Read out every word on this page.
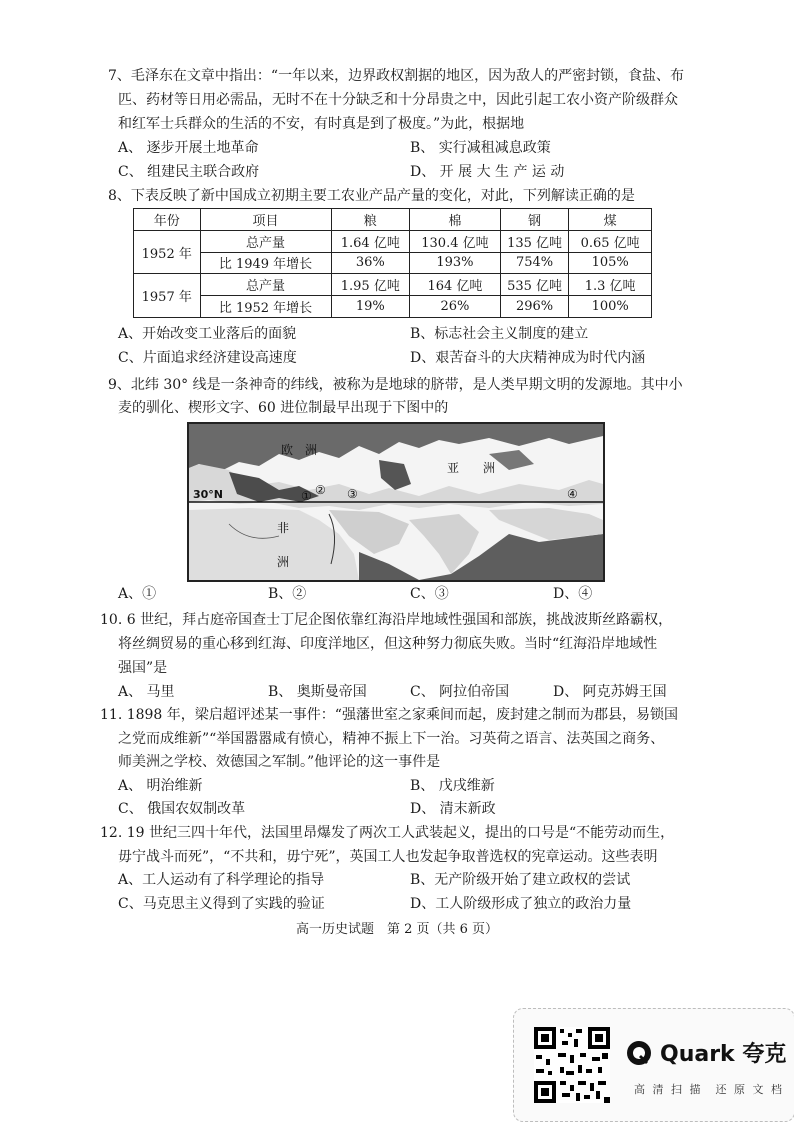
7、毛泽东在文章中指出：“一年以来，边界政权割据的地区，因为敌人的严密封锁，食盐、布
匹、药材等日用必需品，无时不在十分缺乏和十分昂贵之中，因此引起工农小资产阶级群众
和红军士兵群众的生活的不安，有时真是到了极度。”为此，根据地
A、 逐步开展土地革命	B、 实行减租减息政策
C、 组建民主联合政府	D、 开 展 大 生 产 运 动
8、下表反映了新中国成立初期主要工农业产品产量的变化，对此，下列解读正确的是
年份	项目	粮	棉	钢	煤
1952 年	总产量	1.64 亿吨	130.4 亿吨	135 亿吨	0.65 亿吨
	比 1949 年增长	36%	193%	754%	105%
1957 年	总产量	1.95 亿吨	164 亿吨	535 亿吨	1.3 亿吨
	比 1952 年增长	19%	26%	296%	100%
A、开始改变工业落后的面貌	B、标志社会主义制度的建立
C、片面追求经济建设高速度	D、艰苦奋斗的大庆精神成为时代内涵
9、北纬 30° 线是一条神奇的纬线，被称为是地球的脐带，是人类早期文明的发源地。其中小
麦的驯化、楔形文字、60 进位制最早出现于下图中的
欧　洲
亚　　洲
非
洲
30°N	① ② ③	④
A、①	B、②	C、③	D、④
10. 6 世纪，拜占庭帝国查士丁尼企图依靠红海沿岸地域性强国和部族，挑战波斯丝路霸权，
将丝绸贸易的重心移到红海、印度洋地区，但这种努力彻底失败。当时“红海沿岸地域性
强国”是
A、 马里	B、 奥斯曼帝国	C、 阿拉伯帝国	D、 阿克苏姆王国
11. 1898 年，梁启超评述某一事件：“强藩世室之家乘间而起，废封建之制而为郡县，易锁国
之党而成维新”“举国嚣嚣咸有愤心，精神不振上下一治。习英荷之语言、法英国之商务、
师美洲之学校、效德国之军制。”他评论的这一事件是
A、 明治维新	B、 戊戌维新
C、 俄国农奴制改革	D、 清末新政
12. 19 世纪三四十年代，法国里昂爆发了两次工人武装起义，提出的口号是“不能劳动而生，
毋宁战斗而死”，“不共和，毋宁死”，英国工人也发起争取普选权的宪章运动。这些表明
A、工人运动有了科学理论的指导	B、无产阶级开始了建立政权的尝试
C、马克思主义得到了实践的验证	D、工人阶级形成了独立的政治力量
高一历史试题　第 2 页（共 6 页）
Quark 夸克
高 清 扫 描　还 原 文 档
